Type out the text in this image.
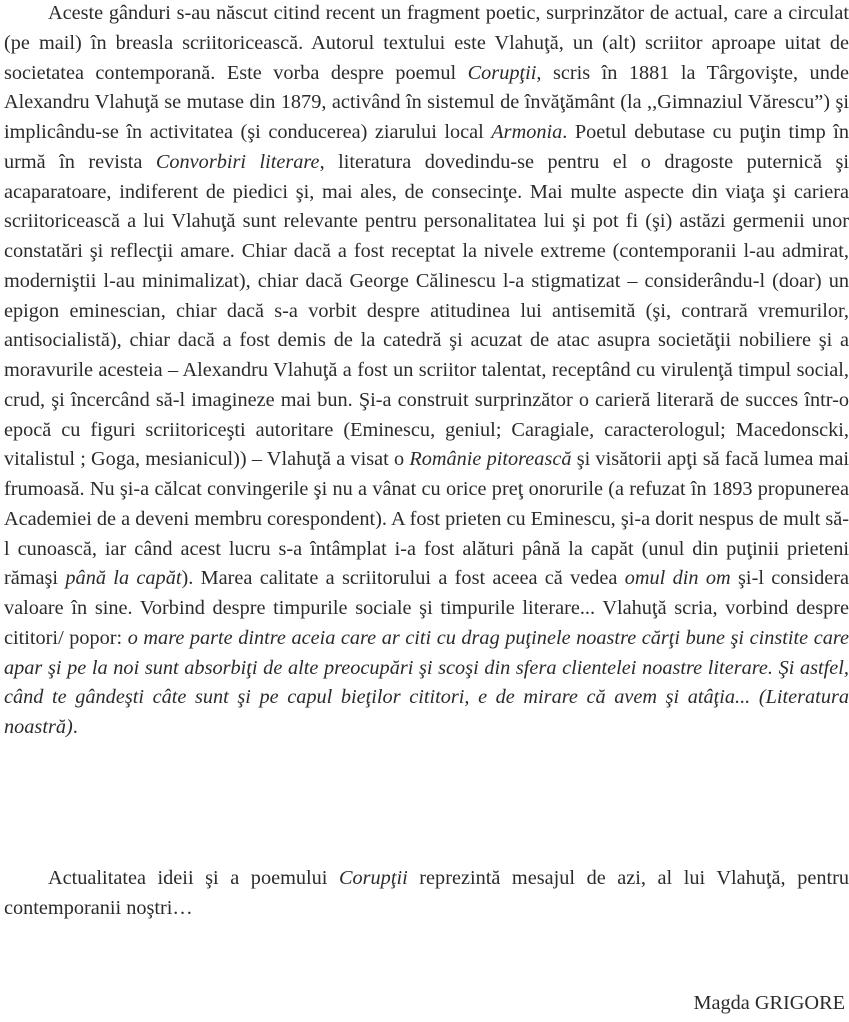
Aceste gânduri s-au născut citind recent un fragment poetic, surprinzător de actual, care a circulat (pe mail) în breasla scriitoricească. Autorul textului este Vlahuţă, un (alt) scriitor aproape uitat de societatea contemporană. Este vorba despre poemul Corupţii, scris în 1881 la Târgovişte, unde Alexandru Vlahuţă se mutase din 1879, activând în sistemul de învăţământ (la ,,Gimnaziul Vărescu”) şi implicându-se în activitatea (şi conducerea) ziarului local Armonia. Poetul debutase cu puţin timp în urmă în revista Convorbiri literare, literatura dovedindu-se pentru el o dragoste puternică şi acaparatoare, indiferent de piedici şi, mai ales, de consecinţe. Mai multe aspecte din viaţa şi cariera scriitoricească a lui Vlahuţă sunt relevante pentru personalitatea lui şi pot fi (şi) astăzi germenii unor constatări şi reflecţii amare. Chiar dacă a fost receptat la nivele extreme (contemporanii l-au admirat, moderniştii l-au minimalizat), chiar dacă George Călinescu l-a stigmatizat – considerându-l (doar) un epigon eminescian, chiar dacă s-a vorbit despre atitudinea lui antisemită (şi, contrară vremurilor, antisocialistă), chiar dacă a fost demis de la catedră şi acuzat de atac asupra societăţii nobiliere şi a moravurile acesteia – Alexandru Vlahuţă a fost un scriitor talentat, receptând cu virulenţă timpul social, crud, şi încercând să-l imagineze mai bun. Şi-a construit surprinzător o carieră literară de succes într-o epocă cu figuri scriitoriceşti autoritare (Eminescu, geniul; Caragiale, caracterologul; Macedonscki, vitalistul ; Goga, mesianicul)) – Vlahuţă a visat o Românie pitorească şi visătorii apţi să facă lumea mai frumoasă. Nu şi-a călcat convingerile şi nu a vânat cu orice preţ onorurile (a refuzat în 1893 propunerea Academiei de a deveni membru corespondent). A fost prieten cu Eminescu, şi-a dorit nespus de mult să-l cunoască, iar când acest lucru s-a întâmplat i-a fost alături până la capăt (unul din puţinii prieteni rămaşi până la capăt). Marea calitate a scriitorului a fost aceea că vedea omul din om şi-l considera valoare în sine. Vorbind despre timpurile sociale şi timpurile literare... Vlahuţă scria, vorbind despre cititori/ popor: o mare parte dintre aceia care ar citi cu drag puţinele noastre cărţi bune şi cinstite care apar şi pe la noi sunt absorbiţi de alte preocupări şi scoşi din sfera clientelei noastre literare. Şi astfel, când te gândeşti câte sunt şi pe capul bieţilor cititori, e de mirare că avem şi atâţia... (Literatura noastră).

Actualitatea ideii şi a poemului Corupţii reprezintă mesajul de azi, al lui Vlahuţă, pentru contemporanii noştri…

Magda GRIGORE
